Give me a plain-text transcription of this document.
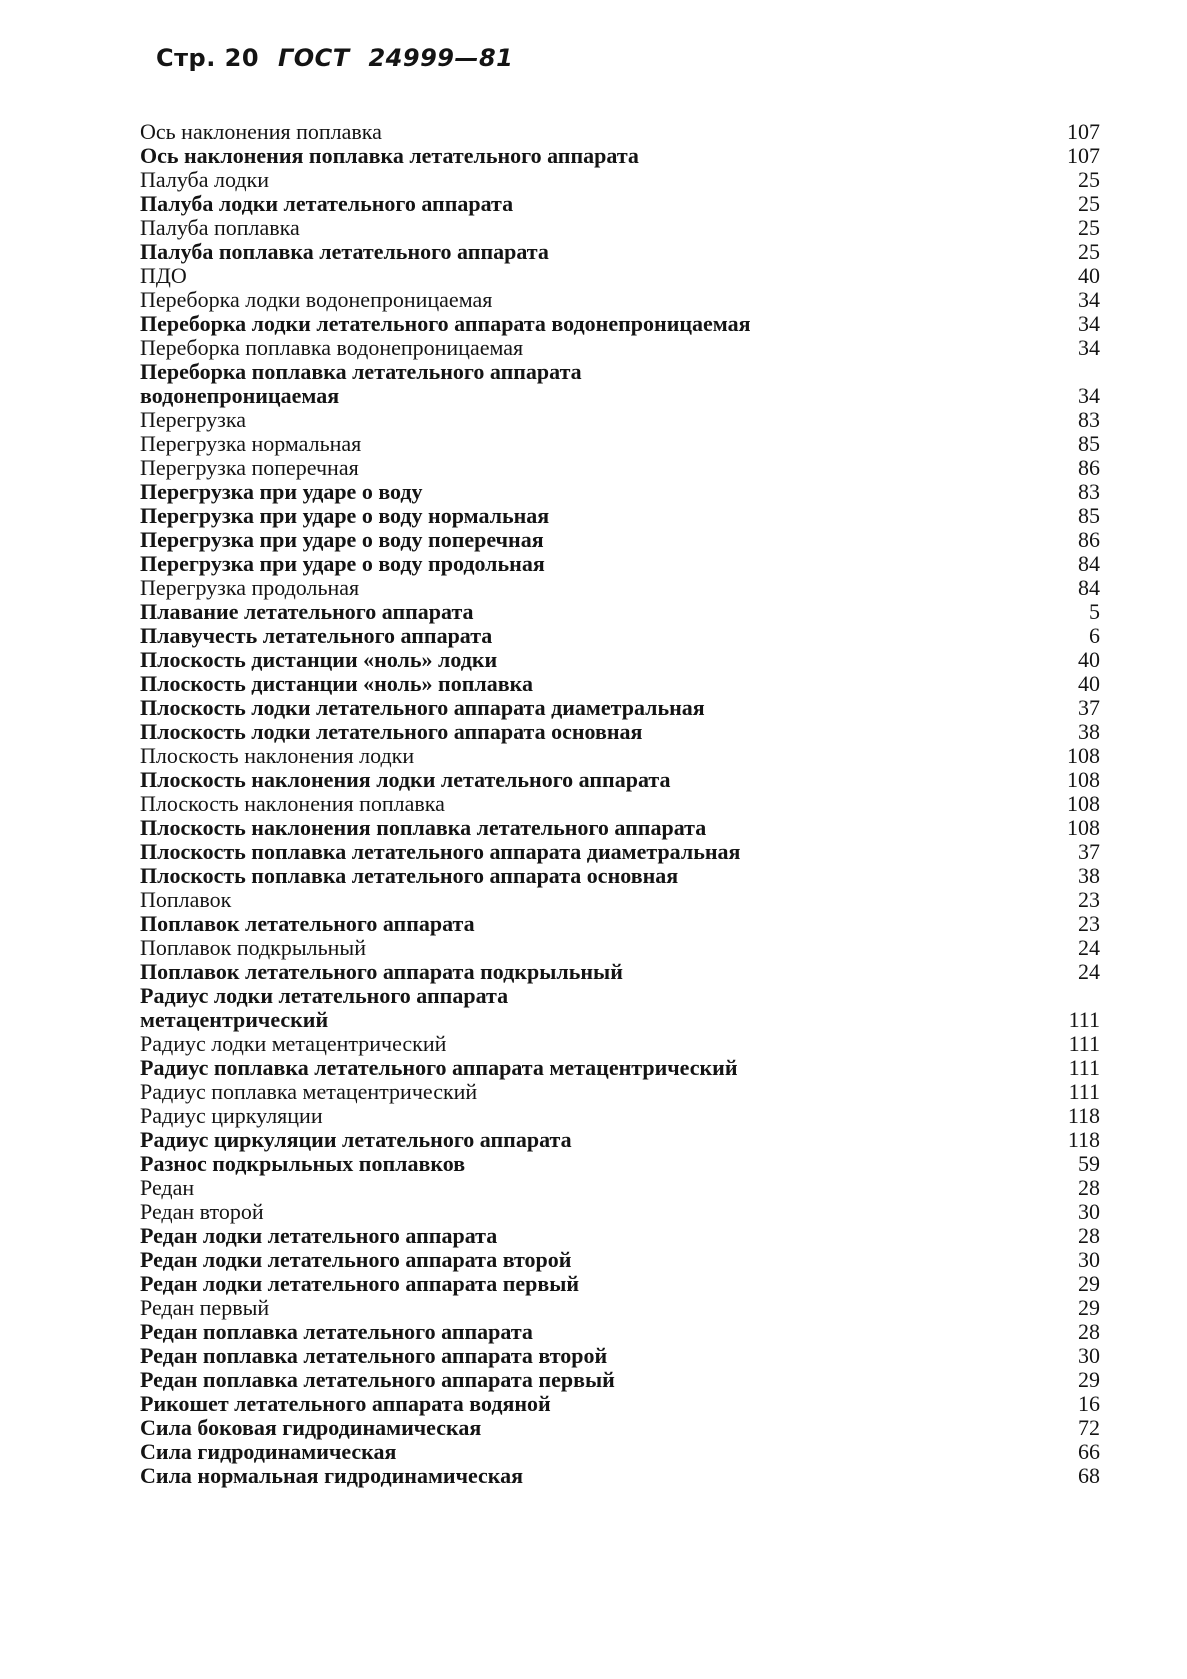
Стр. 20 ГОСТ 24999—81
Ось наклонения поплавка	107
Ось наклонения поплавка летательного аппарата	107
Палуба лодки	25
Палуба лодки летательного аппарата	25
Палуба поплавка	25
Палуба поплавка летательного аппарата	25
ПДО	40
Переборка лодки водонепроницаемая	34
Переборка лодки летательного аппарата водонепроницаемая	34
Переборка поплавка водонепроницаемая	34
Переборка поплавка летательного аппарата
водонепроницаемая	34
Перегрузка	83
Перегрузка нормальная	85
Перегрузка поперечная	86
Перегрузка при ударе о воду	83
Перегрузка при ударе о воду нормальная	85
Перегрузка при ударе о воду поперечная	86
Перегрузка при ударе о воду продольная	84
Перегрузка продольная	84
Плавание летательного аппарата	5
Плавучесть летательного аппарата	6
Плоскость дистанции «ноль» лодки	40
Плоскость дистанции «ноль» поплавка	40
Плоскость лодки летательного аппарата диаметральная	37
Плоскость лодки летательного аппарата основная	38
Плоскость наклонения лодки	108
Плоскость наклонения лодки летательного аппарата	108
Плоскость наклонения поплавка	108
Плоскость наклонения поплавка летательного аппарата	108
Плоскость поплавка летательного аппарата диаметральная	37
Плоскость поплавка летательного аппарата основная	38
Поплавок	23
Поплавок летательного аппарата	23
Поплавок подкрыльный	24
Поплавок летательного аппарата подкрыльный	24
Радиус лодки летательного аппарата
метацентрический	111
Радиус лодки метацентрический	111
Радиус поплавка летательного аппарата метацентрический	111
Радиус поплавка метацентрический	111
Радиус циркуляции	118
Радиус циркуляции летательного аппарата	118
Разнос подкрыльных поплавков	59
Редан	28
Редан второй	30
Редан лодки летательного аппарата	28
Редан лодки летательного аппарата второй	30
Редан лодки летательного аппарата первый	29
Редан первый	29
Редан поплавка летательного аппарата	28
Редан поплавка летательного аппарата второй	30
Редан поплавка летательного аппарата первый	29
Рикошет летательного аппарата водяной	16
Сила боковая гидродинамическая	72
Сила гидродинамическая	66
Сила нормальная гидродинамическая	68
